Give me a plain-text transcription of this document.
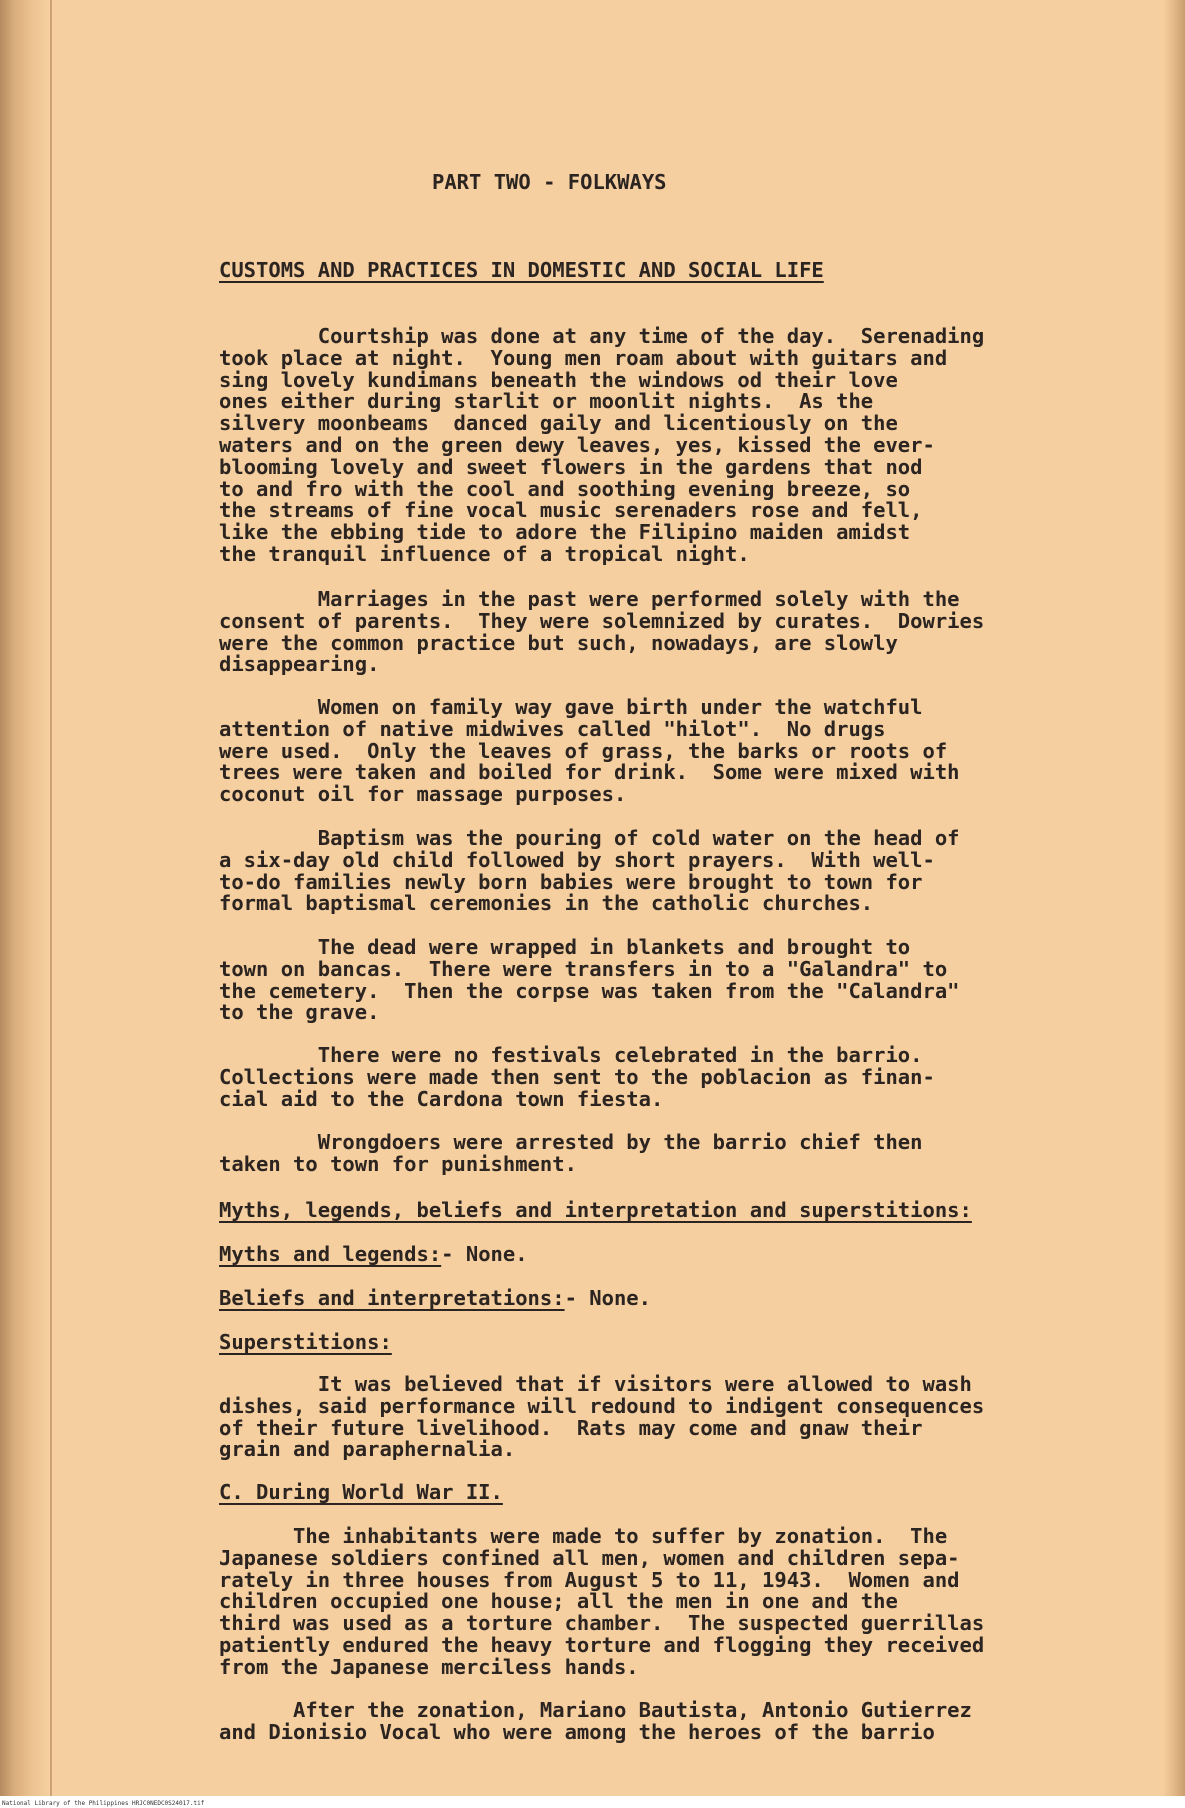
PART TWO - FOLKWAYS
CUSTOMS AND PRACTICES IN DOMESTIC AND SOCIAL LIFE
Courtship was done at any time of the day.  Serenading
took place at night.  Young men roam about with guitars and
sing lovely kundimans beneath the windows od their love
ones either during starlit or moonlit nights.  As the
silvery moonbeams  danced gaily and licentiously on the
waters and on the green dewy leaves, yes, kissed the ever-
blooming lovely and sweet flowers in the gardens that nod
to and fro with the cool and soothing evening breeze, so
the streams of fine vocal music serenaders rose and fell,
like the ebbing tide to adore the Filipino maiden amidst
the tranquil influence of a tropical night.
Marriages in the past were performed solely with the
consent of parents.  They were solemnized by curates.  Dowries
were the common practice but such, nowadays, are slowly
disappearing.
Women on family way gave birth under the watchful
attention of native midwives called "hilot".  No drugs
were used.  Only the leaves of grass, the barks or roots of
trees were taken and boiled for drink.  Some were mixed with
coconut oil for massage purposes.
Baptism was the pouring of cold water on the head of
a six-day old child followed by short prayers.  With well-
to-do families newly born babies were brought to town for
formal baptismal ceremonies in the catholic churches.
The dead were wrapped in blankets and brought to
town on bancas.  There were transfers in to a "Galandra" to
the cemetery.  Then the corpse was taken from the "Calandra"
to the grave.
There were no festivals celebrated in the barrio.
Collections were made then sent to the poblacion as finan-
cial aid to the Cardona town fiesta.
Wrongdoers were arrested by the barrio chief then
taken to town for punishment.
Myths, legends, beliefs and interpretation and superstitions:
Myths and legends:- None.
Beliefs and interpretations:- None.
Superstitions:
It was believed that if visitors were allowed to wash
dishes, said performance will redound to indigent consequences
of their future livelihood.  Rats may come and gnaw their
grain and paraphernalia.
C. During World War II.
The inhabitants were made to suffer by zonation.  The
Japanese soldiers confined all men, women and children sepa-
rately in three houses from August 5 to 11, 1943.  Women and
children occupied one house; all the men in one and the
third was used as a torture chamber.  The suspected guerrillas
patiently endured the heavy torture and flogging they received
from the Japanese merciless hands.
After the zonation, Mariano Bautista, Antonio Gutierrez
and Dionisio Vocal who were among the heroes of the barrio
National Library of the Philippines HRJC0NEDC0S24017.tif
